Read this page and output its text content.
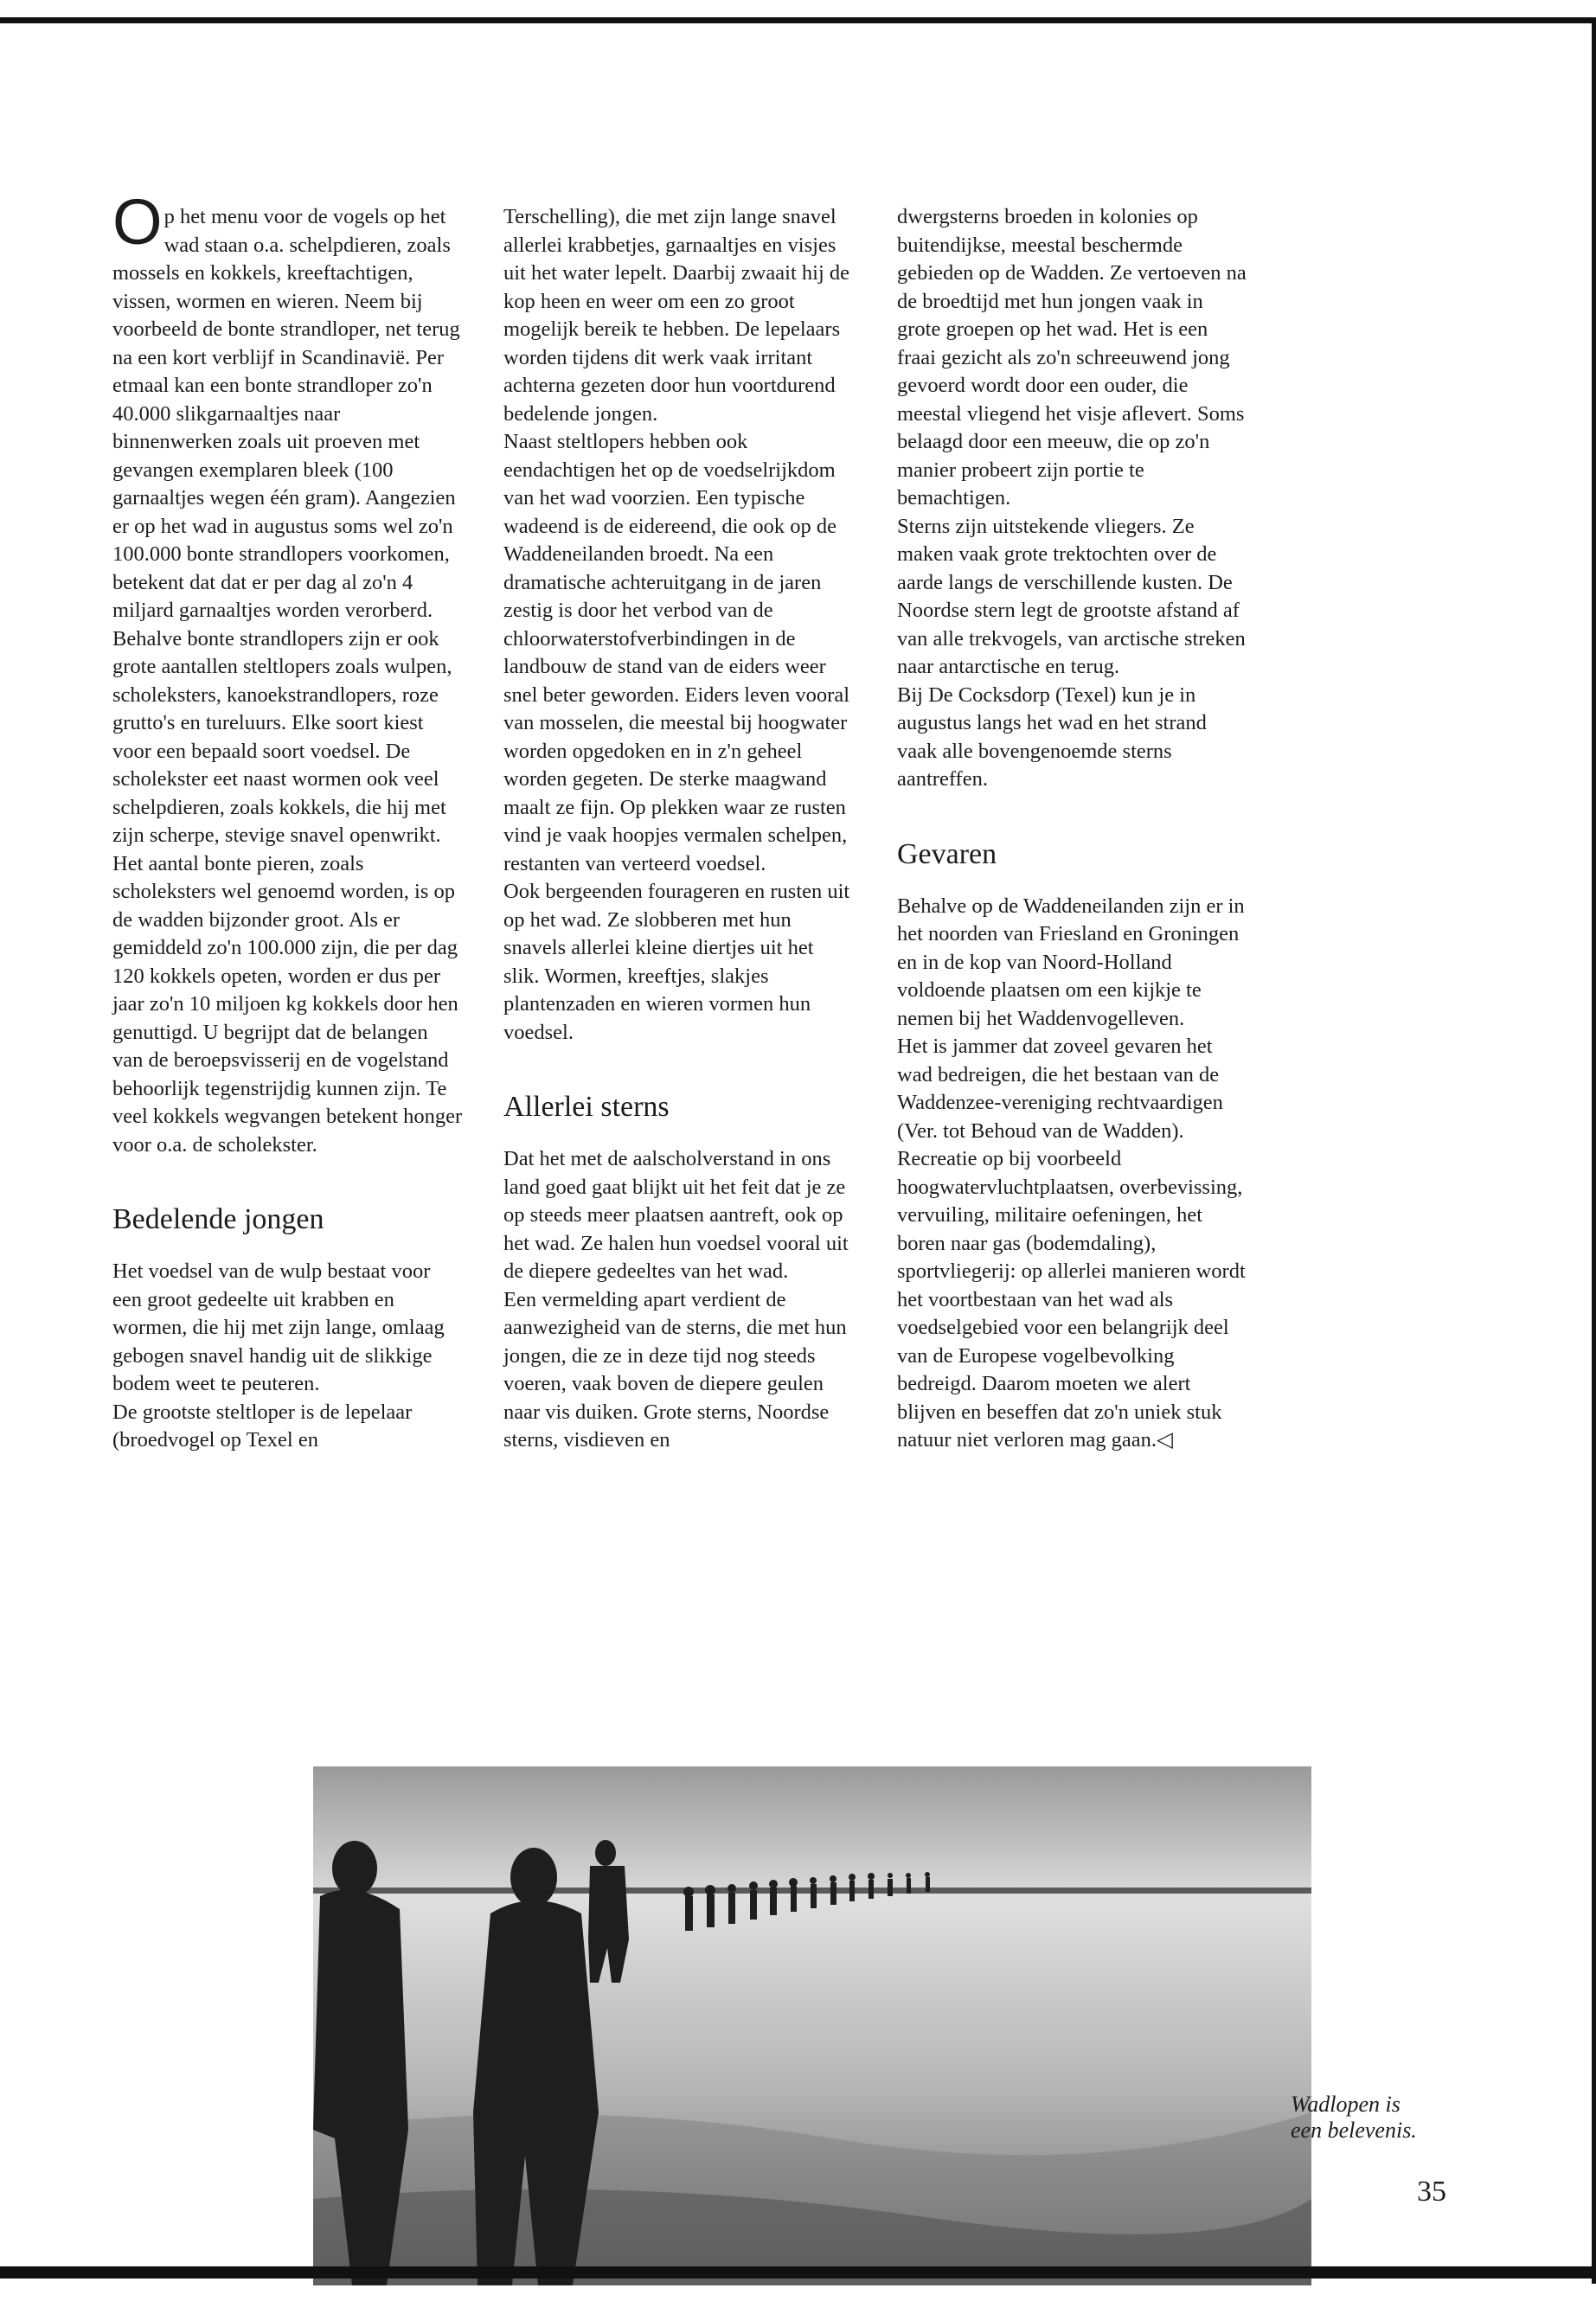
Op het menu voor de vogels op het wad staan o.a. schelpdieren, zoals mossels en kokkels, kreeftachtigen, vissen, wormen en wieren. Neem bij voorbeeld de bonte strandloper, net terug na een kort verblijf in Scandinavië. Per etmaal kan een bonte strandloper zo'n 40.000 slikgarnaaltjes naar binnenwerken zoals uit proeven met gevangen exemplaren bleek (100 garnaaltjes wegen één gram). Aangezien er op het wad in augustus soms wel zo'n 100.000 bonte strandlopers voorkomen, betekent dat dat er per dag al zo'n 4 miljard garnaaltjes worden verorberd.

Behalve bonte strandlopers zijn er ook grote aantallen steltlopers zoals wulpen, scholeksters, kanoekstrandlopers, roze grutto's en tureluurs. Elke soort kiest voor een bepaald soort voedsel. De scholekster eet naast wormen ook veel schelpdieren, zoals kokkels, die hij met zijn scherpe, stevige snavel openwrikt. Het aantal bonte pieren, zoals scholeksters wel genoemd worden, is op de wadden bijzonder groot. Als er gemiddeld zo'n 100.000 zijn, die per dag 120 kokkels opeten, worden er dus per jaar zo'n 10 miljoen kg kokkels door hen genuttigd. U begrijpt dat de belangen van de beroepsvisserij en de vogelstand behoorlijk tegenstrijdig kunnen zijn. Te veel kokkels wegvangen betekent honger voor o.a. de scholekster.

Bedelende jongen

Het voedsel van de wulp bestaat voor een groot gedeelte uit krabben en wormen, die hij met zijn lange, omlaag gebogen snavel handig uit de slikkige bodem weet te peuteren.

De grootste steltloper is de lepelaar (broedvogel op Texel en

Terschelling), die met zijn lange snavel allerlei krabbetjes, garnaaltjes en visjes uit het water lepelt. Daarbij zwaait hij de kop heen en weer om een zo groot mogelijk bereik te hebben. De lepelaars worden tijdens dit werk vaak irritant achterna gezeten door hun voortdurend bedelende jongen.

Naast steltlopers hebben ook eendachtigen het op de voedselrijkdom van het wad voorzien. Een typische wadeend is de eidereend, die ook op de Waddeneilanden broedt. Na een dramatische achteruitgang in de jaren zestig is door het verbod van de chloorwaterstofverbindingen in de landbouw de stand van de eiders weer snel beter geworden. Eiders leven vooral van mosselen, die meestal bij hoogwater worden opgedoken en in z'n geheel worden gegeten. De sterke maagwand maalt ze fijn. Op plekken waar ze rusten vind je vaak hoopjes vermalen schelpen, restanten van verteerd voedsel.

Ook bergeenden fourageren en rusten uit op het wad. Ze slobberen met hun snavels allerlei kleine diertjes uit het slik. Wormen, kreeftjes, slakjes plantenzaden en wieren vormen hun voedsel.

Allerlei sterns

Dat het met de aalscholverstand in ons land goed gaat blijkt uit het feit dat je ze op steeds meer plaatsen aantreft, ook op het wad. Ze halen hun voedsel vooral uit de diepere gedeeltes van het wad.

Een vermelding apart verdient de aanwezigheid van de sterns, die met hun jongen, die ze in deze tijd nog steeds voeren, vaak boven de diepere geulen naar vis duiken. Grote sterns, Noordse sterns, visdieven en

dwergsterns broeden in kolonies op buitendijkse, meestal beschermde gebieden op de Wadden. Ze vertoeven na de broedtijd met hun jongen vaak in grote groepen op het wad. Het is een fraai gezicht als zo'n schreeuwend jong gevoerd wordt door een ouder, die meestal vliegend het visje aflevert. Soms belaagd door een meeuw, die op zo'n manier probeert zijn portie te bemachtigen.

Sterns zijn uitstekende vliegers. Ze maken vaak grote trektochten over de aarde langs de verschillende kusten. De Noordse stern legt de grootste afstand af van alle trekvogels, van arctische streken naar antarctische en terug.

Bij De Cocksdorp (Texel) kun je in augustus langs het wad en het strand vaak alle bovengenoemde sterns aantreffen.

Gevaren

Behalve op de Waddeneilanden zijn er in het noorden van Friesland en Groningen en in de kop van Noord-Holland voldoende plaatsen om een kijkje te nemen bij het Waddenvogelleven.

Het is jammer dat zoveel gevaren het wad bedreigen, die het bestaan van de Waddenzee-vereniging rechtvaardigen (Ver. tot Behoud van de Wadden). Recreatie op bij voorbeeld hoogwatervluchtplaatsen, overbevissing, vervuiling, militaire oefeningen, het boren naar gas (bodemdaling), sportvliegerij: op allerlei manieren wordt het voortbestaan van het wad als voedselgebied voor een belangrijk deel van de Europese vogelbevolking bedreigd. Daarom moeten we alert blijven en beseffen dat zo'n uniek stuk natuur niet verloren mag gaan.◁

Wadlopen is
een belevenis.
35
